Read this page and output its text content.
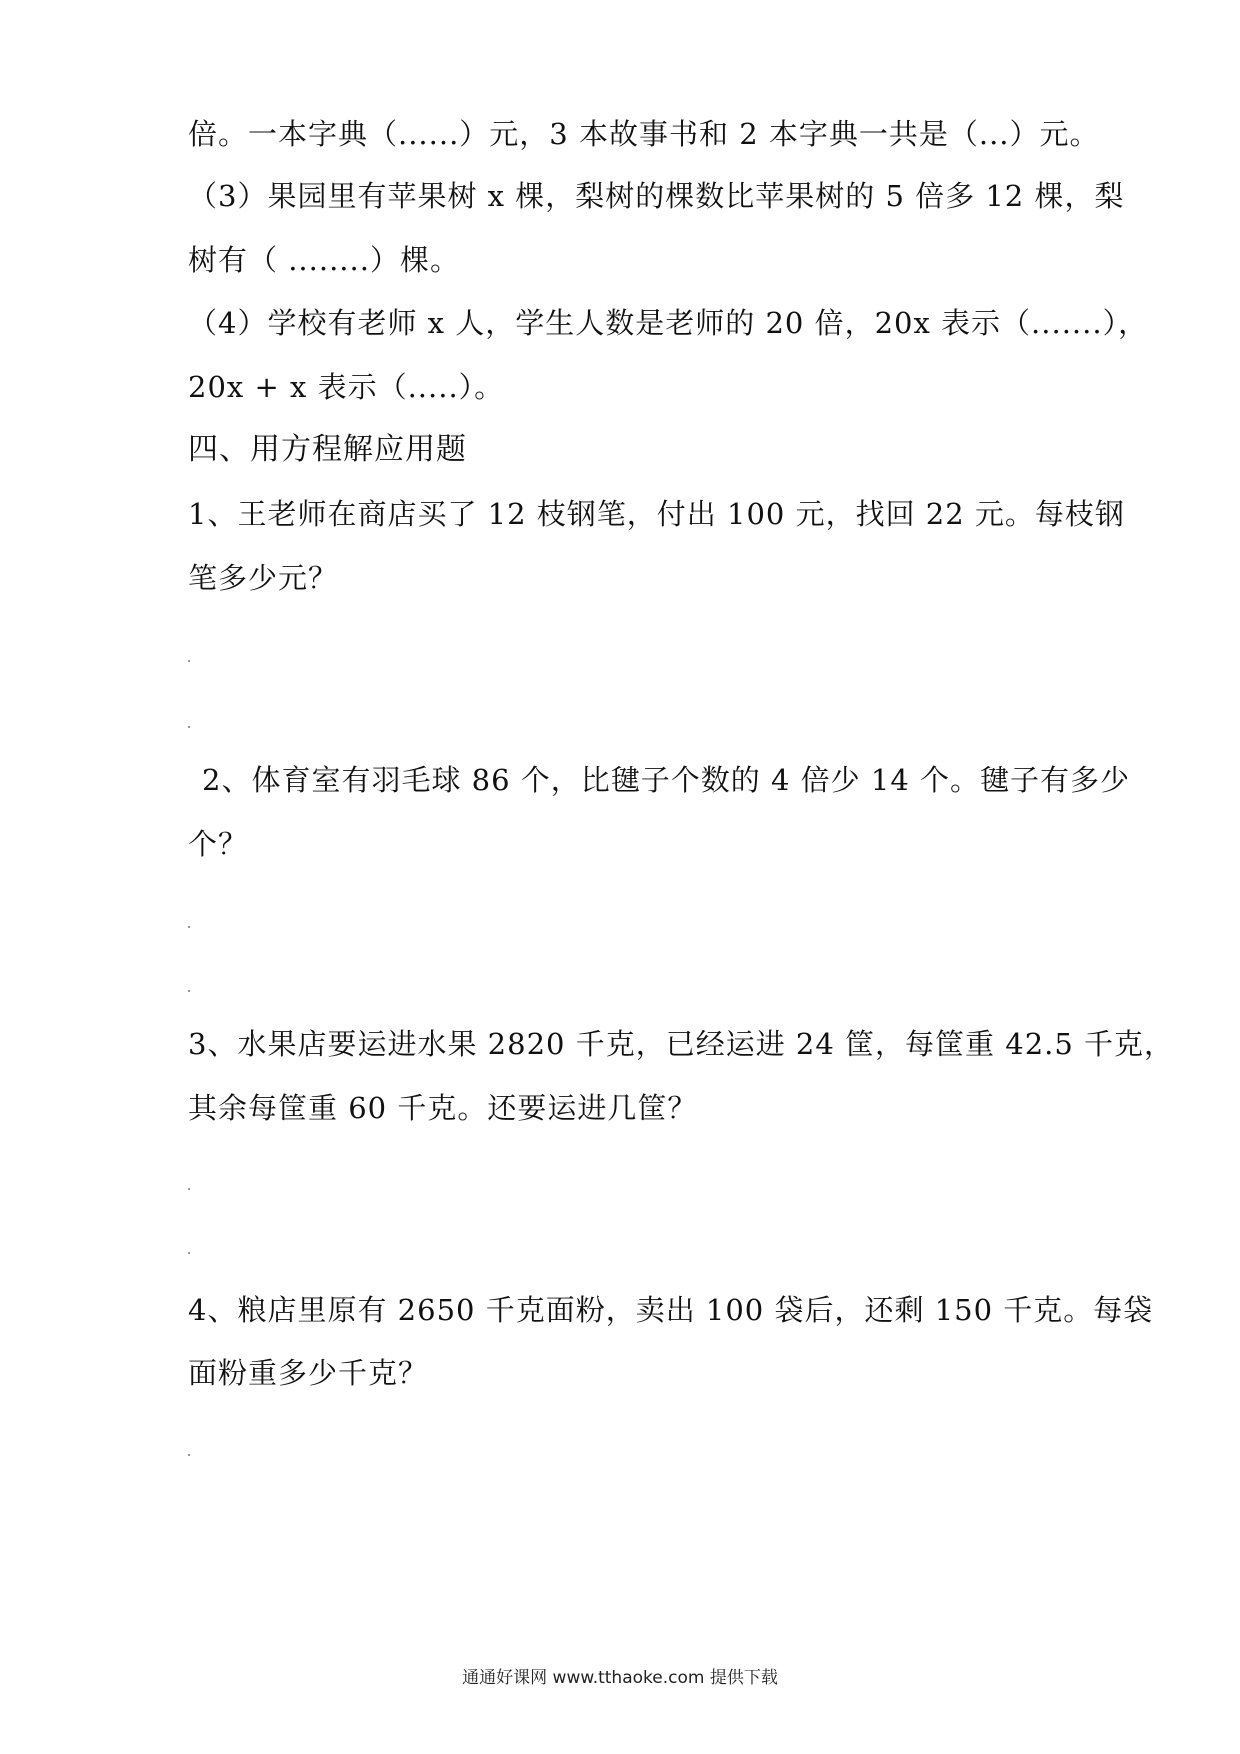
倍。一本字典（......）元，3 本故事书和 2 本字典一共是（...）元。
（3）果园里有苹果树 x 棵，梨树的棵数比苹果树的 5 倍多 12 棵，梨
树有（ ........）棵。
（4）学校有老师 x 人，学生人数是老师的 20 倍，20x 表示（.......），
20x + x 表示（.....）。
四、用方程解应用题
1、王老师在商店买了 12 枝钢笔，付出 100 元，找回 22 元。每枝钢
笔多少元？
2、体育室有羽毛球 86 个，比毽子个数的 4 倍少 14 个。毽子有多少
个？
3、水果店要运进水果 2820 千克，已经运进 24 筐，每筐重 42.5 千克，
其余每筐重 60 千克。还要运进几筐？
4、粮店里原有 2650 千克面粉，卖出 100 袋后，还剩 150 千克。每袋
面粉重多少千克？
通通好课网 www.tthaoke.com 提供下载
